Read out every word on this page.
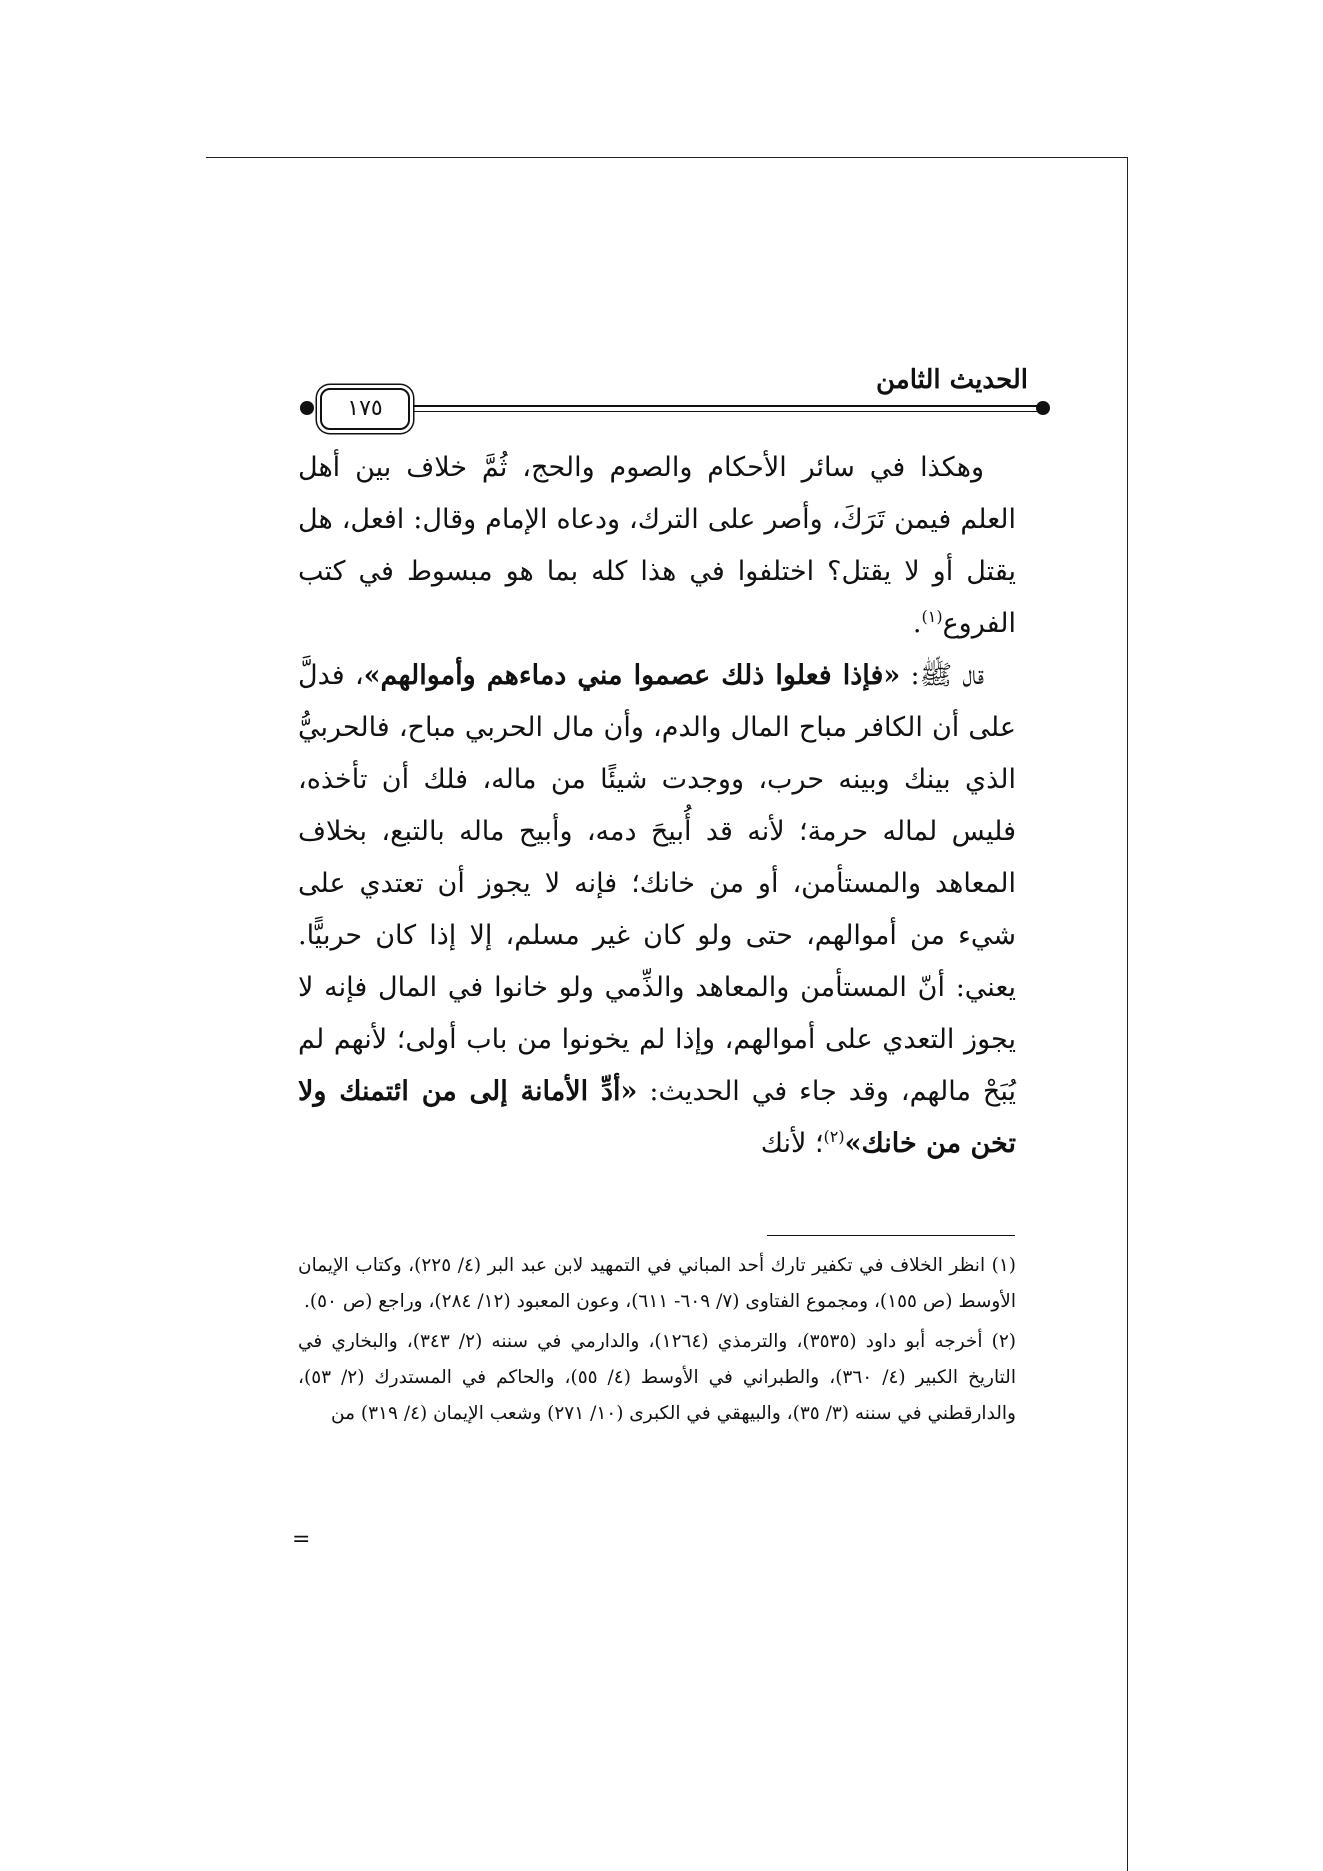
١٧٥
الحديث الثامن

وهكذا في سائر الأحكام والصوم والحج، ثُمَّ خلاف بين أهل العلم فيمن تَرَكَ، وأصر على الترك، ودعاه الإمام وقال: افعل، هل يقتل أو لا يقتل؟ اختلفوا في هذا كله بما هو مبسوط في كتب الفروع$^{(١)}$.

قال ﷺ: «فإذا فعلوا ذلك عصموا مني دماءهم وأموالهم»، فدلَّ على أن الكافر مباح المال والدم، وأن مال الحربي مباح، فالحربيُّ الذي بينك وبينه حرب، ووجدت شيئًا من ماله، فلك أن تأخذه، فليس لماله حرمة؛ لأنه قد أُبيحَ دمه، وأبيح ماله بالتبع، بخلاف المعاهد والمستأمن، أو من خانك؛ فإنه لا يجوز أن تعتدي على شيء من أموالهم، حتى ولو كان غير مسلم، إلا إذا كان حربيًّا. يعني: أنّ المستأمن والمعاهد والذِّمي ولو خانوا في المال فإنه لا يجوز التعدي على أموالهم، وإذا لم يخونوا من باب أولى؛ لأنهم لم يُبَحْ مالهم، وقد جاء في الحديث: «أدِّ الأمانة إلى من ائتمنك ولا تخن من خانك»$^{(٢)}$؛ لأنك

(١) انظر الخلاف في تكفير تارك أحد المباني في التمهيد لابن عبد البر (٤/ ٢٢٥)، وكتاب الإيمان الأوسط (ص ١٥٥)، ومجموع الفتاوى (٧/ ٦٠٩- ٦١١)، وعون المعبود (١٢/ ٢٨٤)، وراجع (ص ٥٠).

(٢) أخرجه أبو داود (٣٥٣٥)، والترمذي (١٢٦٤)، والدارمي في سننه (٢/ ٣٤٣)، والبخاري في التاريخ الكبير (٤/ ٣٦٠)، والطبراني في الأوسط (٤/ ٥٥)، والحاكم في المستدرك (٢/ ٥٣)، والدارقطني في سننه (٣/ ٣٥)، والبيهقي في الكبرى (١٠/ ٢٧١) وشعب الإيمان (٤/ ٣١٩) من

=
